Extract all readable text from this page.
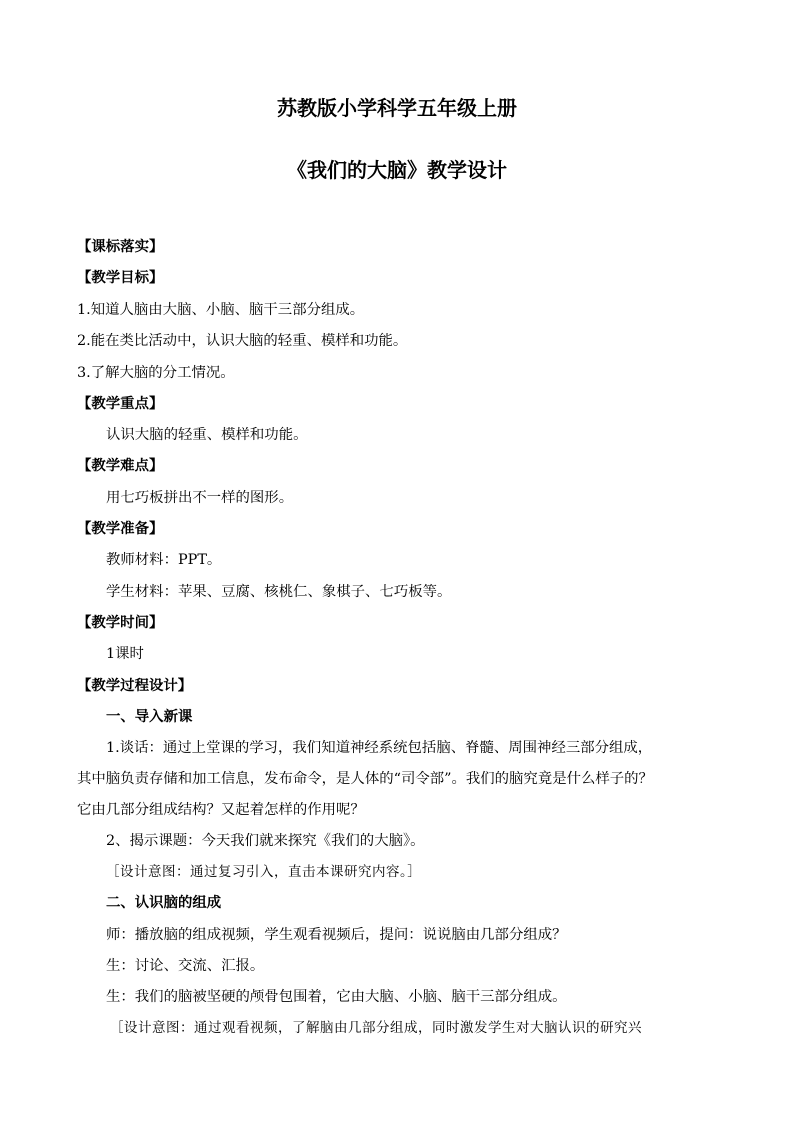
苏教版小学科学五年级上册
《我们的大脑》教学设计
【课标落实】
【教学目标】
1.知道人脑由大脑、小脑、脑干三部分组成。
2.能在类比活动中，认识大脑的轻重、模样和功能。
3.了解大脑的分工情况。
【教学重点】
认识大脑的轻重、模样和功能。
【教学难点】
用七巧板拼出不一样的图形。
【教学准备】
教师材料：PPT。
学生材料：苹果、豆腐、核桃仁、象棋子、七巧板等。
【教学时间】
1课时
【教学过程设计】
一、导入新课
1.谈话：通过上堂课的学习，我们知道神经系统包括脑、脊髓、周围神经三部分组成，
其中脑负责存储和加工信息，发布命令，是人体的“司令部”。我们的脑究竟是什么样子的？
它由几部分组成结构？又起着怎样的作用呢？
2、揭示课题：今天我们就来探究《我们的大脑》。
［设计意图：通过复习引入，直击本课研究内容。］
二、认识脑的组成
师：播放脑的组成视频，学生观看视频后，提问：说说脑由几部分组成？
生：讨论、交流、汇报。
生：我们的脑被坚硬的颅骨包围着，它由大脑、小脑、脑干三部分组成。
［设计意图：通过观看视频，了解脑由几部分组成，同时激发学生对大脑认识的研究兴
